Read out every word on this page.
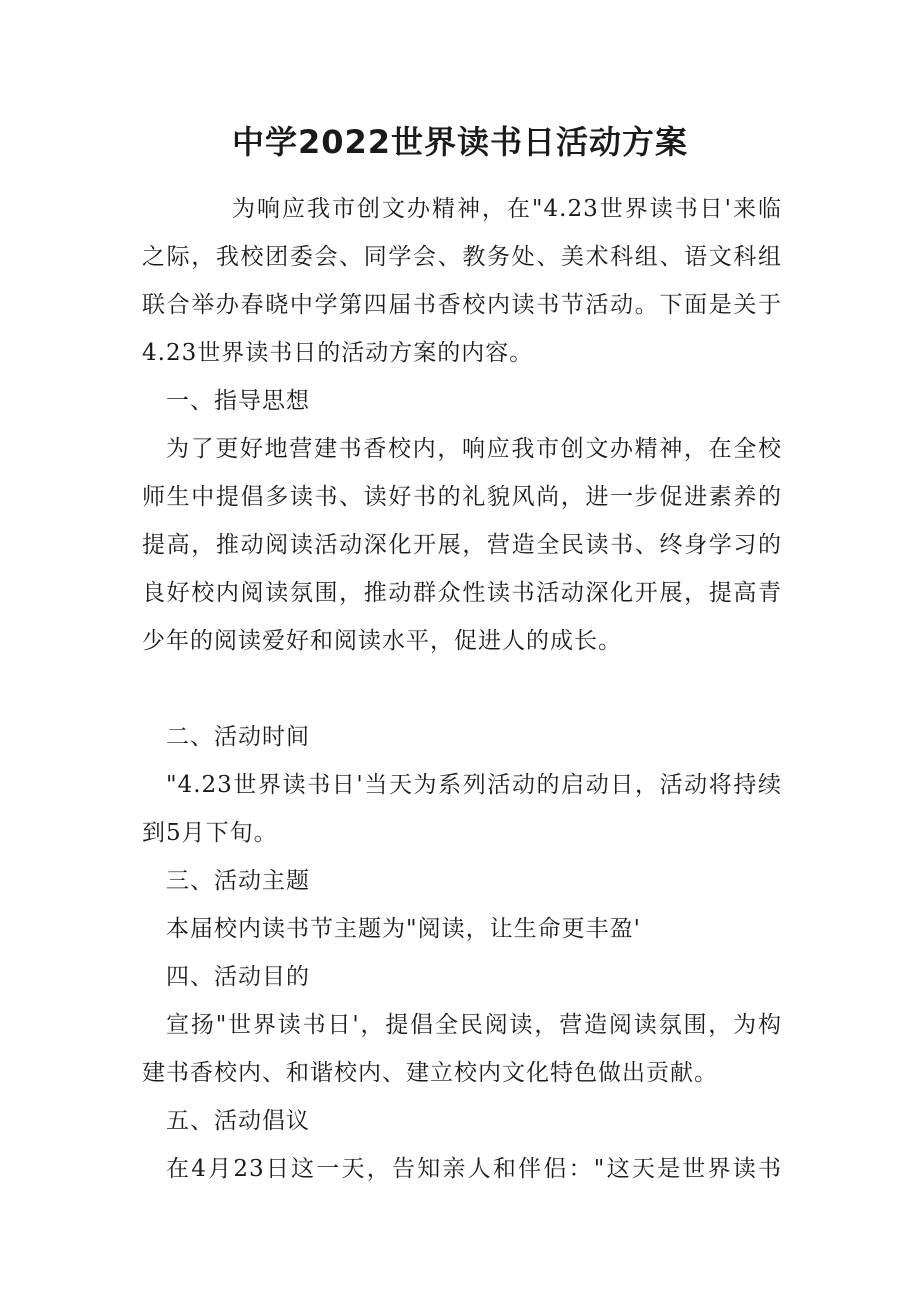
中学2022世界读书日活动方案
为响应我市创文办精神，在"4.23世界读书日'来临
之际，我校团委会、同学会、教务处、美术科组、语文科组
联合举办春晓中学第四届书香校内读书节活动。下面是关于
4.23世界读书日的活动方案的内容。
一、指导思想
为了更好地营建书香校内，响应我市创文办精神，在全校
师生中提倡多读书、读好书的礼貌风尚，进一步促进素养的
提高，推动阅读活动深化开展，营造全民读书、终身学习的
良好校内阅读氛围，推动群众性读书活动深化开展，提高青
少年的阅读爱好和阅读水平，促进人的成长。
二、活动时间
"4.23世界读书日'当天为系列活动的启动日，活动将持续
到5月下旬。
三、活动主题
本届校内读书节主题为"阅读，让生命更丰盈'
四、活动目的
宣扬"世界读书日'，提倡全民阅读，营造阅读氛围，为构
建书香校内、和谐校内、建立校内文化特色做出贡献。
五、活动倡议
在4月23日这一天，告知亲人和伴侣："这天是世界读书
